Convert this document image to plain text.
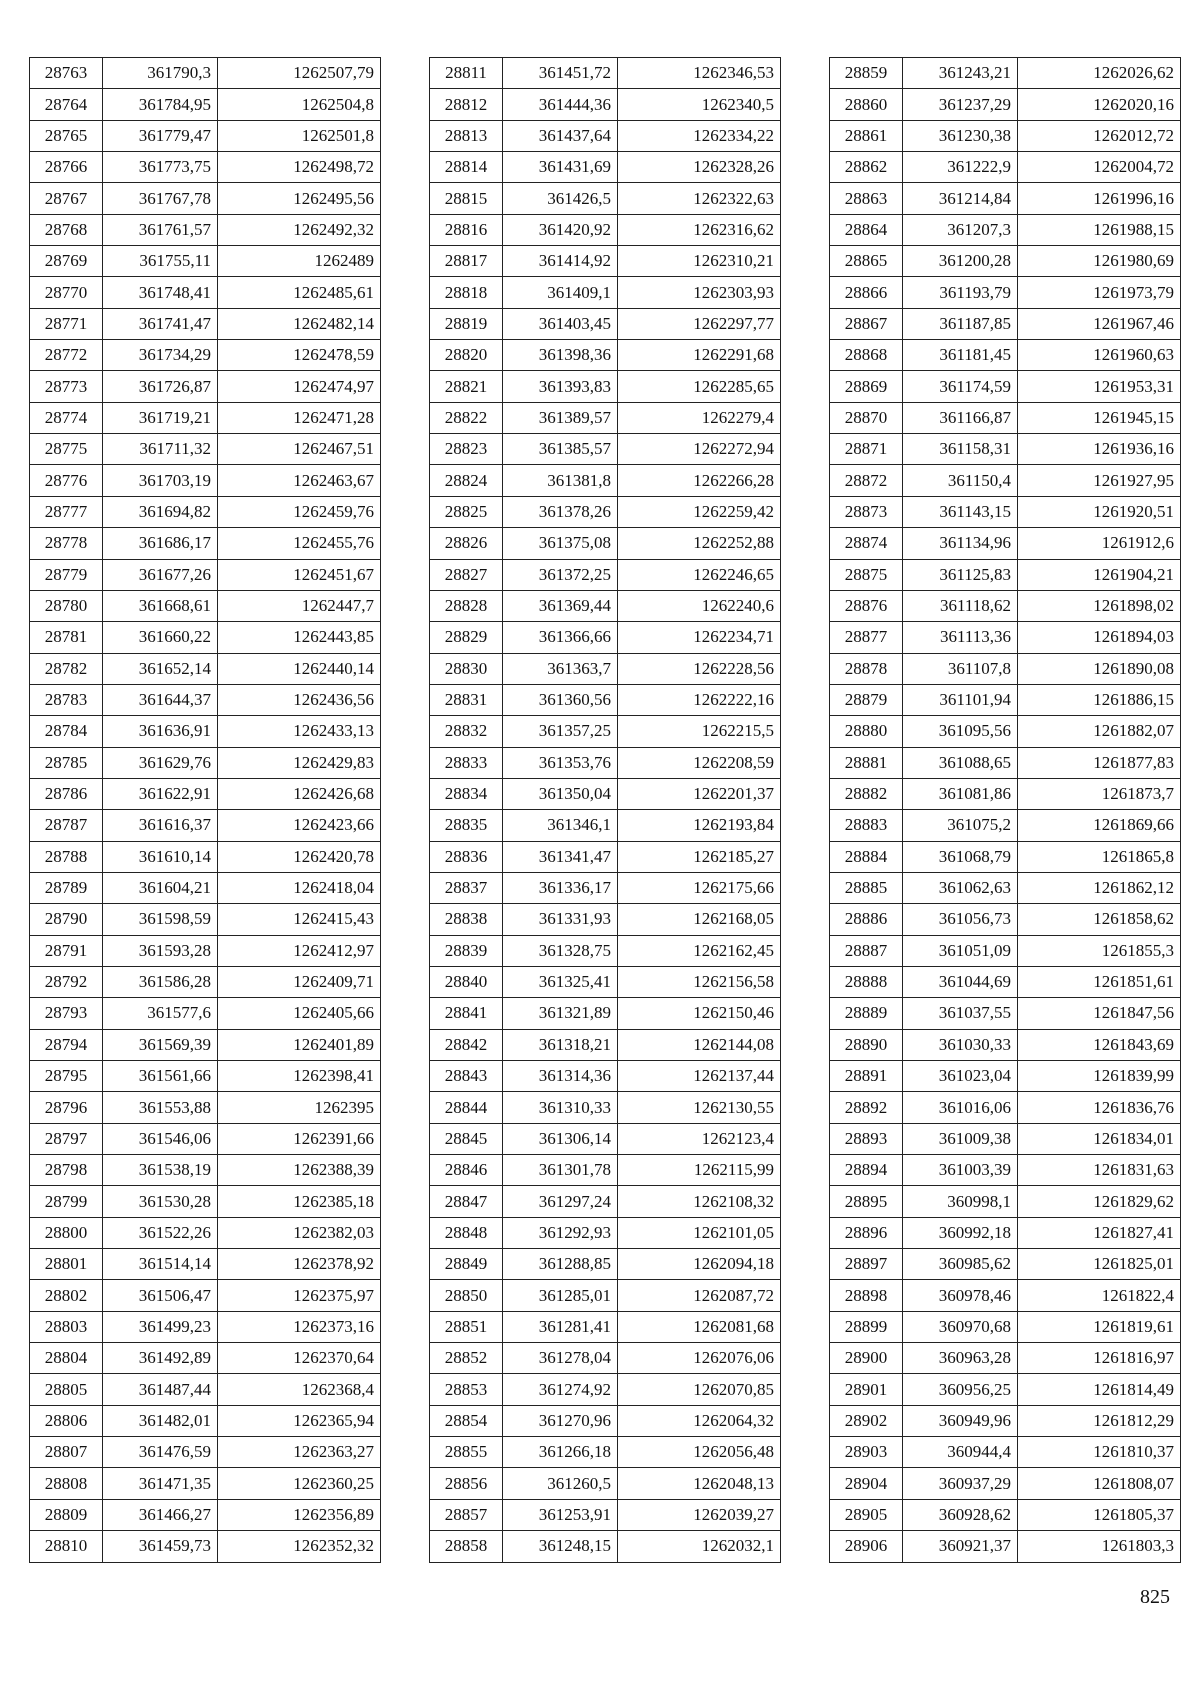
28763	361790,3	1262507,79
28764	361784,95	1262504,8
28765	361779,47	1262501,8
28766	361773,75	1262498,72
28767	361767,78	1262495,56
28768	361761,57	1262492,32
28769	361755,11	1262489
28770	361748,41	1262485,61
28771	361741,47	1262482,14
28772	361734,29	1262478,59
28773	361726,87	1262474,97
28774	361719,21	1262471,28
28775	361711,32	1262467,51
28776	361703,19	1262463,67
28777	361694,82	1262459,76
28778	361686,17	1262455,76
28779	361677,26	1262451,67
28780	361668,61	1262447,7
28781	361660,22	1262443,85
28782	361652,14	1262440,14
28783	361644,37	1262436,56
28784	361636,91	1262433,13
28785	361629,76	1262429,83
28786	361622,91	1262426,68
28787	361616,37	1262423,66
28788	361610,14	1262420,78
28789	361604,21	1262418,04
28790	361598,59	1262415,43
28791	361593,28	1262412,97
28792	361586,28	1262409,71
28793	361577,6	1262405,66
28794	361569,39	1262401,89
28795	361561,66	1262398,41
28796	361553,88	1262395
28797	361546,06	1262391,66
28798	361538,19	1262388,39
28799	361530,28	1262385,18
28800	361522,26	1262382,03
28801	361514,14	1262378,92
28802	361506,47	1262375,97
28803	361499,23	1262373,16
28804	361492,89	1262370,64
28805	361487,44	1262368,4
28806	361482,01	1262365,94
28807	361476,59	1262363,27
28808	361471,35	1262360,25
28809	361466,27	1262356,89
28810	361459,73	1262352,32
28811	361451,72	1262346,53
28812	361444,36	1262340,5
28813	361437,64	1262334,22
28814	361431,69	1262328,26
28815	361426,5	1262322,63
28816	361420,92	1262316,62
28817	361414,92	1262310,21
28818	361409,1	1262303,93
28819	361403,45	1262297,77
28820	361398,36	1262291,68
28821	361393,83	1262285,65
28822	361389,57	1262279,4
28823	361385,57	1262272,94
28824	361381,8	1262266,28
28825	361378,26	1262259,42
28826	361375,08	1262252,88
28827	361372,25	1262246,65
28828	361369,44	1262240,6
28829	361366,66	1262234,71
28830	361363,7	1262228,56
28831	361360,56	1262222,16
28832	361357,25	1262215,5
28833	361353,76	1262208,59
28834	361350,04	1262201,37
28835	361346,1	1262193,84
28836	361341,47	1262185,27
28837	361336,17	1262175,66
28838	361331,93	1262168,05
28839	361328,75	1262162,45
28840	361325,41	1262156,58
28841	361321,89	1262150,46
28842	361318,21	1262144,08
28843	361314,36	1262137,44
28844	361310,33	1262130,55
28845	361306,14	1262123,4
28846	361301,78	1262115,99
28847	361297,24	1262108,32
28848	361292,93	1262101,05
28849	361288,85	1262094,18
28850	361285,01	1262087,72
28851	361281,41	1262081,68
28852	361278,04	1262076,06
28853	361274,92	1262070,85
28854	361270,96	1262064,32
28855	361266,18	1262056,48
28856	361260,5	1262048,13
28857	361253,91	1262039,27
28858	361248,15	1262032,1
28859	361243,21	1262026,62
28860	361237,29	1262020,16
28861	361230,38	1262012,72
28862	361222,9	1262004,72
28863	361214,84	1261996,16
28864	361207,3	1261988,15
28865	361200,28	1261980,69
28866	361193,79	1261973,79
28867	361187,85	1261967,46
28868	361181,45	1261960,63
28869	361174,59	1261953,31
28870	361166,87	1261945,15
28871	361158,31	1261936,16
28872	361150,4	1261927,95
28873	361143,15	1261920,51
28874	361134,96	1261912,6
28875	361125,83	1261904,21
28876	361118,62	1261898,02
28877	361113,36	1261894,03
28878	361107,8	1261890,08
28879	361101,94	1261886,15
28880	361095,56	1261882,07
28881	361088,65	1261877,83
28882	361081,86	1261873,7
28883	361075,2	1261869,66
28884	361068,79	1261865,8
28885	361062,63	1261862,12
28886	361056,73	1261858,62
28887	361051,09	1261855,3
28888	361044,69	1261851,61
28889	361037,55	1261847,56
28890	361030,33	1261843,69
28891	361023,04	1261839,99
28892	361016,06	1261836,76
28893	361009,38	1261834,01
28894	361003,39	1261831,63
28895	360998,1	1261829,62
28896	360992,18	1261827,41
28897	360985,62	1261825,01
28898	360978,46	1261822,4
28899	360970,68	1261819,61
28900	360963,28	1261816,97
28901	360956,25	1261814,49
28902	360949,96	1261812,29
28903	360944,4	1261810,37
28904	360937,29	1261808,07
28905	360928,62	1261805,37
28906	360921,37	1261803,3
825
